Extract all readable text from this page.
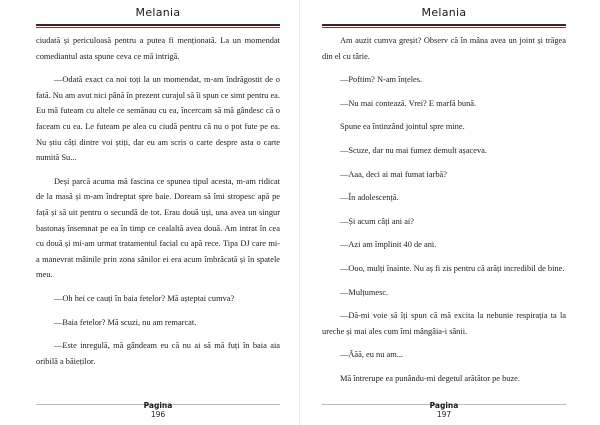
Melania

ciudată și periculoasă pentru a putea fi menționată. La un momendat comediantul asta spune ceva ce mă intrigă.

—Odată exact ca noi toți la un momendat, m-am îndrăgostit de o fată. Nu am avut nici până în prezent curajul să îi spun ce simt pentru ea. Eu mă futeam cu altele ce semănau cu ea, încercam să mă gândesc că o faceam cu ea. Le futeam pe alea cu ciudă pentru că nu o pot fute pe ea. Nu știu câți dintre voi știți, dar eu am scris o carte despre asta o carte numită Su...

Deși parcă acuma mă fascina ce spunea tipul acesta, m-am ridicat de la masă și m-am îndreptat spre baie. Doream să îmi stropesc apă pe față și să uit pentru o secundă de tot. Erau două uși, una avea un singur bastonaș însemnat pe ea în timp ce cealaltă avea două. Am intrat în cea cu două și mi-am urmat tratamentul facial cu apă rece. Tipa DJ care mi-a manevrat mâinile prin zona sânilor ei era acum îmbrăcată și în spatele meu.

—Oh hei ce cauți în baia fetelor? Mă așteptai cumva?

—Baia fetelor? Mă scuzi, nu am remarcat.

—Este inregulă, mă gândeam eu că nu ai să mă fuți în baia aia oribilă a băieților.

Pagina
196
Melania

Am auzit cumva greșit? Observ că în mâna avea un joint și trăgea din el cu târie.

—Poftim? N-am înțeles.

—Nu mai contează. Vrei? E marfă bună.

Spune ea întinzând jointul spre mine.

—Scuze, dar nu mai fumez demult așaceva.

—Aaa, deci ai mai fumat iarbă?

—În adolescență.

—Și acum câți ani ai?

—Azi am împlinit 40 de ani.

—Ooo, mulți înainte. Nu aș fi zis pentru că arăți incredibil de bine.

—Mulțumesc.

—Dă-mi voie să îți spun că mă excita la nebunie respirația ta la ureche și mai ales cum îmi mângâia-i sânii.

—Ăăă, eu nu am...

Mă întrerupe ea punându-mi degetul arătător pe buze.

Pagina
197
